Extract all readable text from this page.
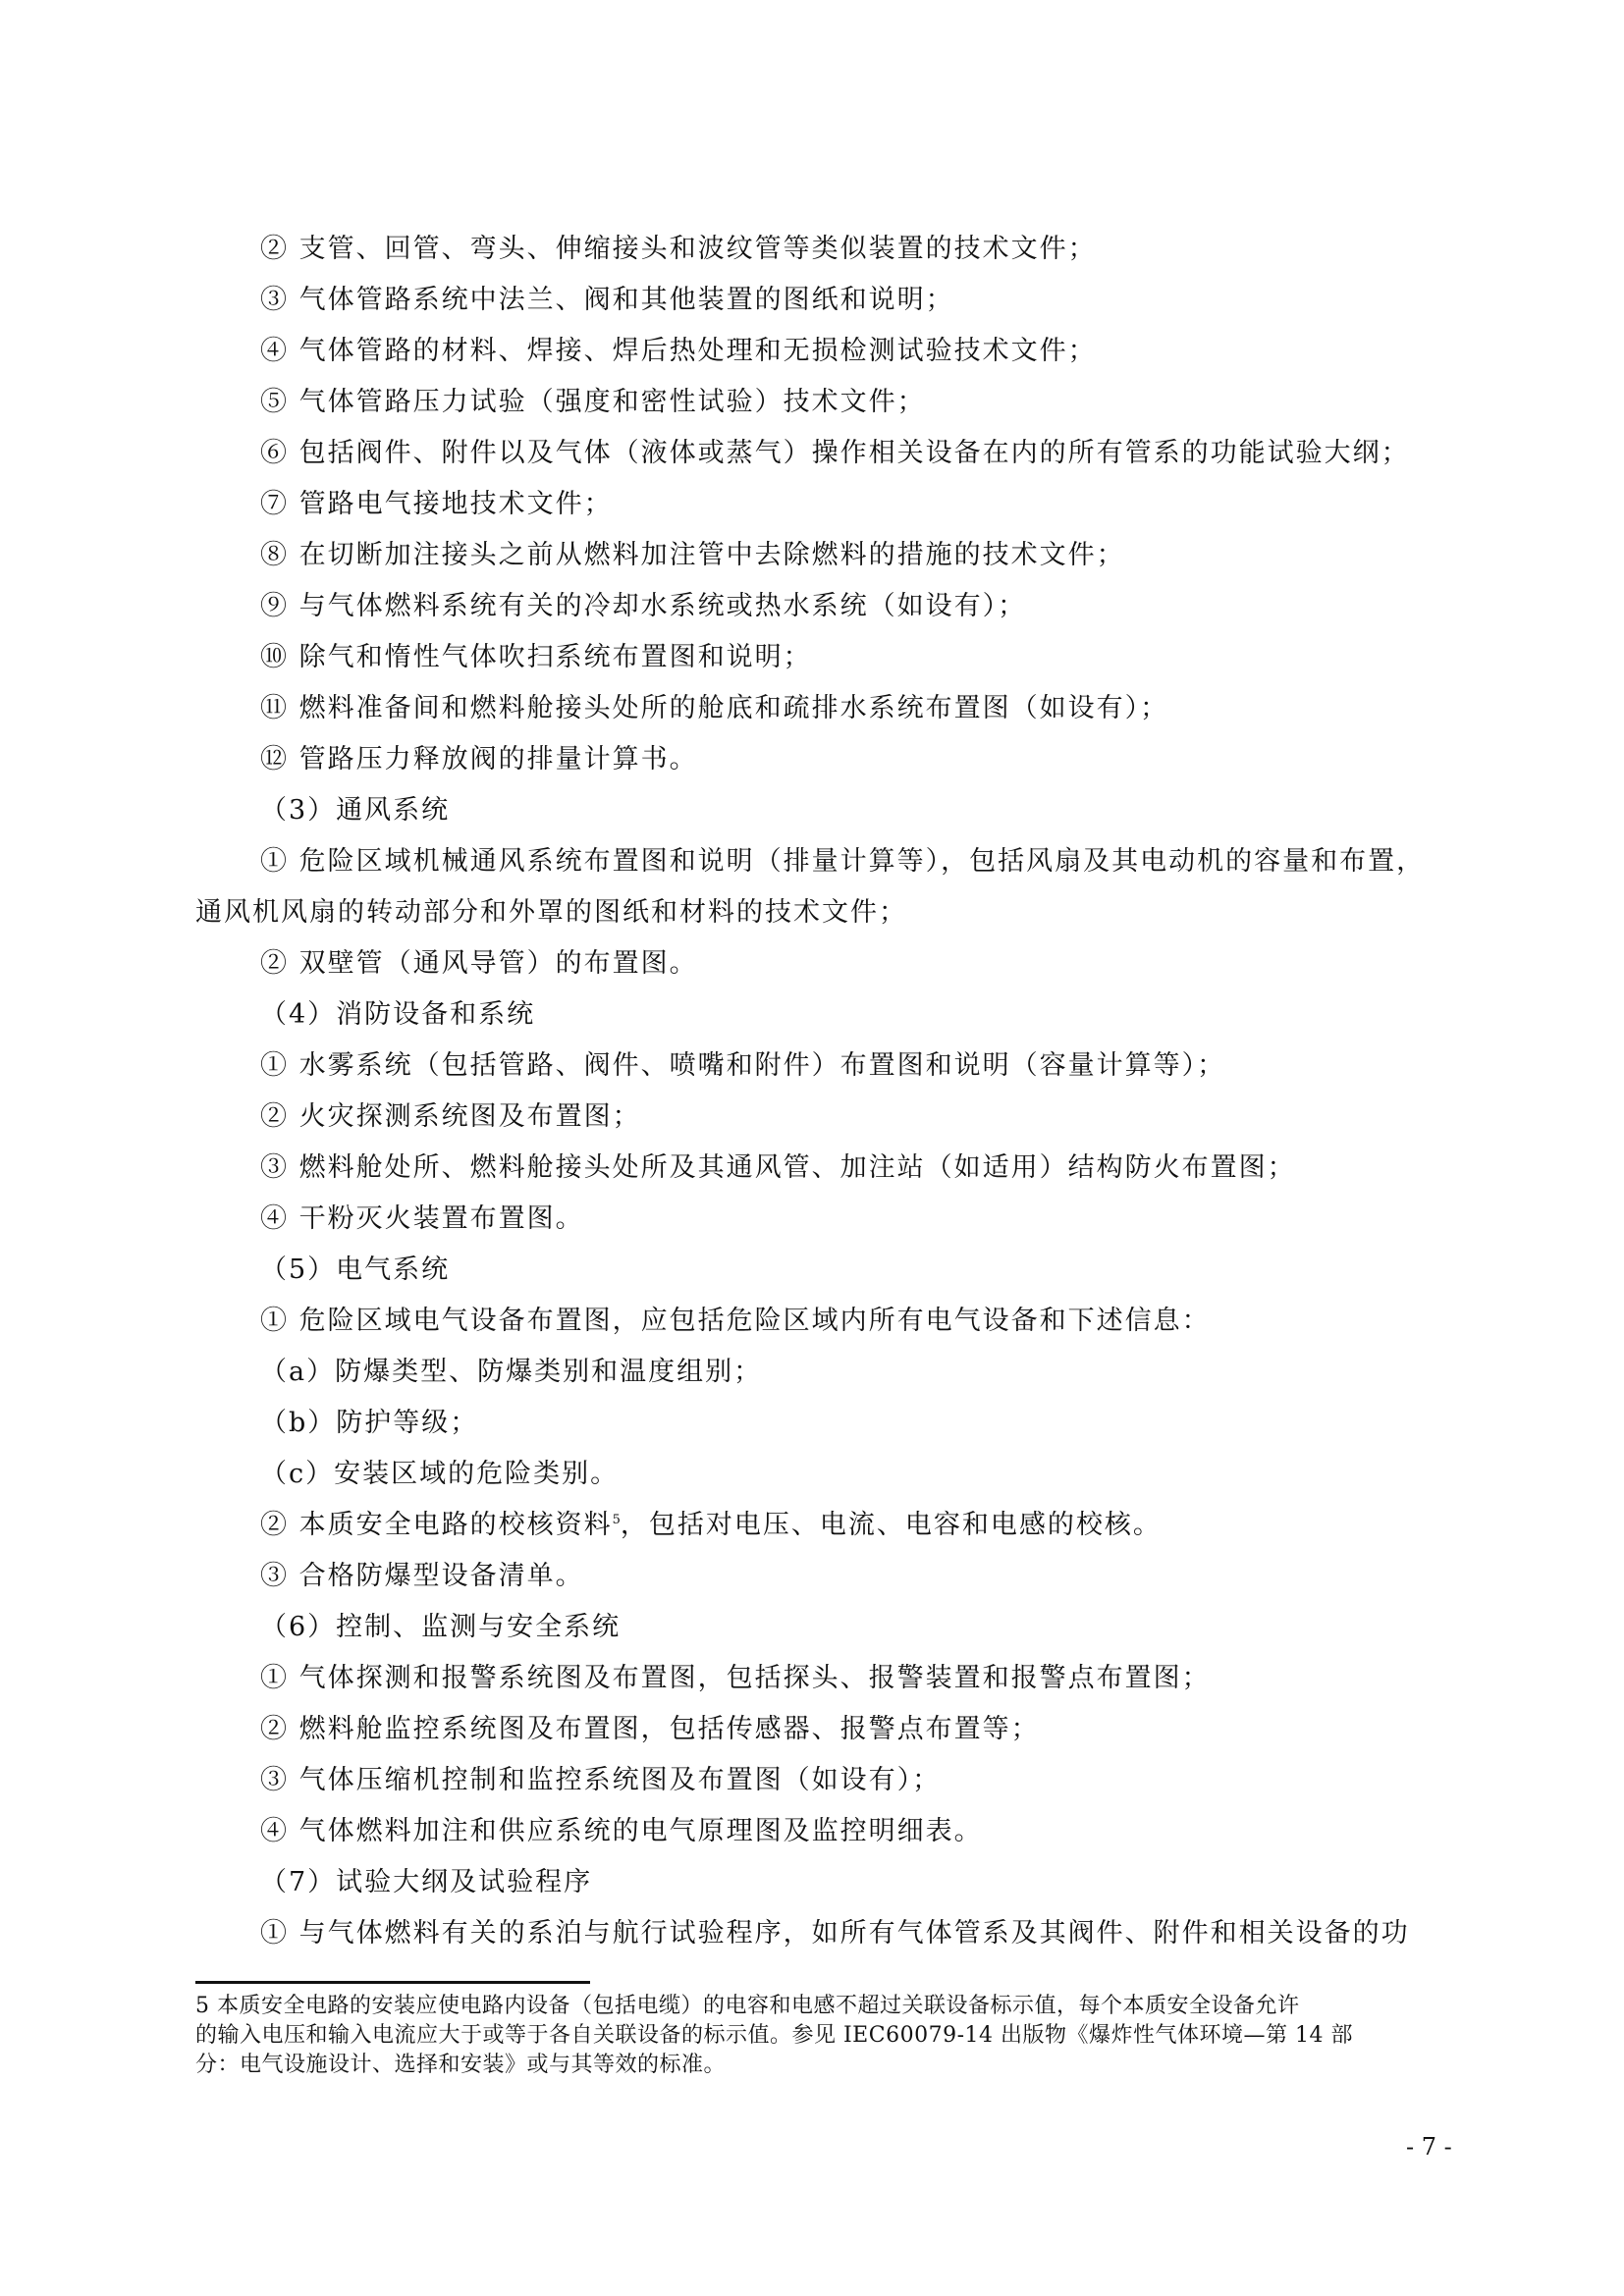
② 支管、回管、弯头、伸缩接头和波纹管等类似装置的技术文件；
③ 气体管路系统中法兰、阀和其他装置的图纸和说明；
④ 气体管路的材料、焊接、焊后热处理和无损检测试验技术文件；
⑤ 气体管路压力试验（强度和密性试验）技术文件；
⑥ 包括阀件、附件以及气体（液体或蒸气）操作相关设备在内的所有管系的功能试验大纲；
⑦ 管路电气接地技术文件；
⑧ 在切断加注接头之前从燃料加注管中去除燃料的措施的技术文件；
⑨ 与气体燃料系统有关的冷却水系统或热水系统（如设有）；
⑩ 除气和惰性气体吹扫系统布置图和说明；
⑪ 燃料准备间和燃料舱接头处所的舱底和疏排水系统布置图（如设有）；
⑫ 管路压力释放阀的排量计算书。
（3）通风系统
① 危险区域机械通风系统布置图和说明（排量计算等），包括风扇及其电动机的容量和布置，
通风机风扇的转动部分和外罩的图纸和材料的技术文件；
② 双壁管（通风导管）的布置图。
（4）消防设备和系统
① 水雾系统（包括管路、阀件、喷嘴和附件）布置图和说明（容量计算等）；
② 火灾探测系统图及布置图；
③ 燃料舱处所、燃料舱接头处所及其通风管、加注站（如适用）结构防火布置图；
④ 干粉灭火装置布置图。
（5）电气系统
① 危险区域电气设备布置图，应包括危险区域内所有电气设备和下述信息：
（a）防爆类型、防爆类别和温度组别；
（b）防护等级；
（c）安装区域的危险类别。
② 本质安全电路的校核资料$^5$，包括对电压、电流、电容和电感的校核。
③ 合格防爆型设备清单。
（6）控制、监测与安全系统
① 气体探测和报警系统图及布置图，包括探头、报警装置和报警点布置图；
② 燃料舱监控系统图及布置图，包括传感器、报警点布置等；
③ 气体压缩机控制和监控系统图及布置图（如设有）；
④ 气体燃料加注和供应系统的电气原理图及监控明细表。
（7）试验大纲及试验程序
① 与气体燃料有关的系泊与航行试验程序，如所有气体管系及其阀件、附件和相关设备的功
5 本质安全电路的安装应使电路内设备（包括电缆）的电容和电感不超过关联设备标示值，每个本质安全设备允许
的输入电压和输入电流应大于或等于各自关联设备的标示值。参见 IEC60079-14 出版物《爆炸性气体环境—第 14 部
分：电气设施设计、选择和安装》或与其等效的标准。
- 7 -
